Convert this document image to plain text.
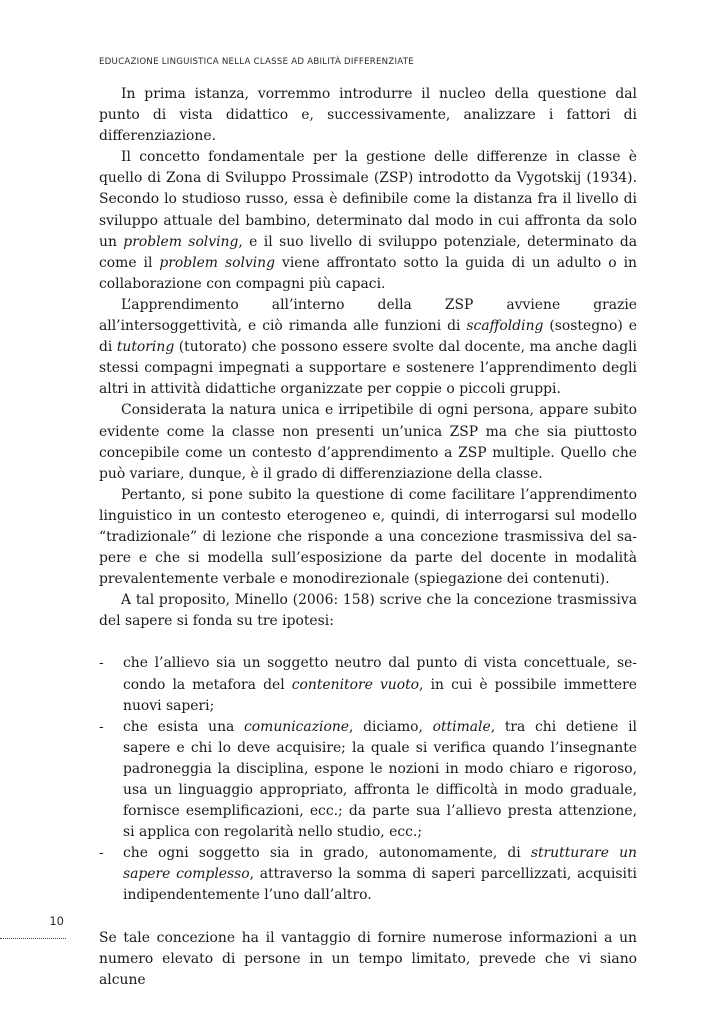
EDUCAZIONE LINGUISTICA NELLA CLASSE AD ABILITÀ DIFFERENZIATE

In prima istanza, vorremmo introdurre il nucleo della questione dal punto di vista didattico e, successivamente, analizzare i fattori di differenziazione.

Il concetto fondamentale per la gestione delle differenze in classe è quello di Zona di Sviluppo Prossimale (ZSP) introdotto da Vygotskij (1934). Secondo lo studioso russo, essa è definibile come la distanza fra il livello di sviluppo attuale del bambino, determinato dal modo in cui affronta da solo un problem solving, e il suo livello di sviluppo potenziale, determinato da come il problem solving viene affrontato sotto la guida di un adulto o in collaborazione con compagni più capaci.

L’apprendimento all’interno della ZSP avviene grazie all’intersoggettività, e ciò rimanda alle funzioni di scaffolding (sostegno) e di tutoring (tutorato) che possono essere svolte dal docente, ma anche dagli stessi compagni impegnati a supportare e sostenere l’apprendimento degli altri in attività didattiche organizzate per coppie o piccoli gruppi.

Considerata la natura unica e irripetibile di ogni persona, appare subito evidente come la classe non presenti un’unica ZSP ma che sia piuttosto concepibile come un contesto d’apprendimento a ZSP multiple. Quello che può variare, dunque, è il grado di differenziazione della classe.

Pertanto, si pone subito la questione di come facilitare l’apprendimento linguistico in un contesto eterogeneo e, quindi, di interrogarsi sul modello “tradizionale” di lezione che risponde a una concezione trasmissiva del sapere e che si modella sull’esposizione da parte del docente in modalità prevalentemente verbale e monodirezionale (spiegazione dei contenuti).

A tal proposito, Minello (2006: 158) scrive che la concezione trasmissiva del sapere si fonda su tre ipotesi:

- che l’allievo sia un soggetto neutro dal punto di vista concettuale, secondo la metafora del contenitore vuoto, in cui è possibile immettere nuovi saperi;
- che esista una comunicazione, diciamo, ottimale, tra chi detiene il sapere e chi lo deve acquisire; la quale si verifica quando l’insegnante padroneggia la disciplina, espone le nozioni in modo chiaro e rigoroso, usa un linguaggio appropriato, affronta le difficoltà in modo graduale, fornisce esemplificazioni, ecc.; da parte sua l’allievo presta attenzione, si applica con regolarità nello studio, ecc.;
- che ogni soggetto sia in grado, autonomamente, di strutturare un sapere complesso, attraverso la somma di saperi parcellizzati, acquisiti indipendentemente l’uno dall’altro.

Se tale concezione ha il vantaggio di fornire numerose informazioni a un numero elevato di persone in un tempo limitato, prevede che vi siano alcune

10
